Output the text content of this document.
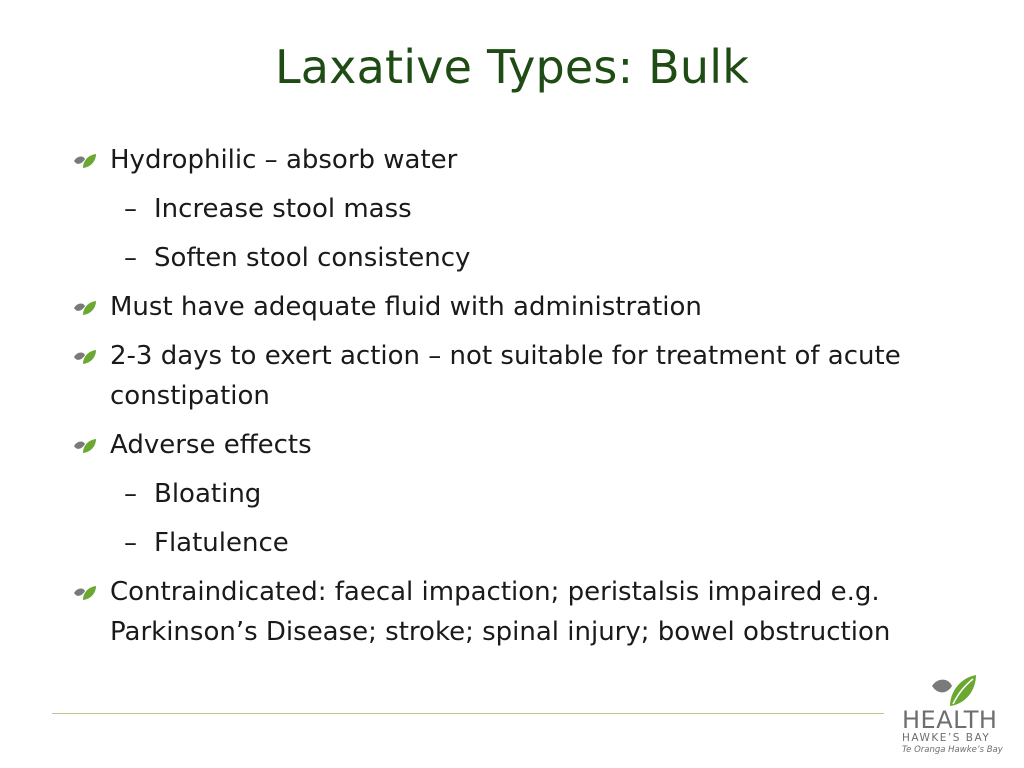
Laxative Types: Bulk
Hydrophilic – absorb water
– Increase stool mass
– Soften stool consistency
Must have adequate fluid with administration
2-3 days to exert action – not suitable for treatment of acute constipation
Adverse effects
– Bloating
– Flatulence
Contraindicated: faecal impaction; peristalsis impaired e.g. Parkinson’s Disease; stroke; spinal injury; bowel obstruction
HEALTH
HAWKE’S BAY
Te Oranga Hawke’s Bay
